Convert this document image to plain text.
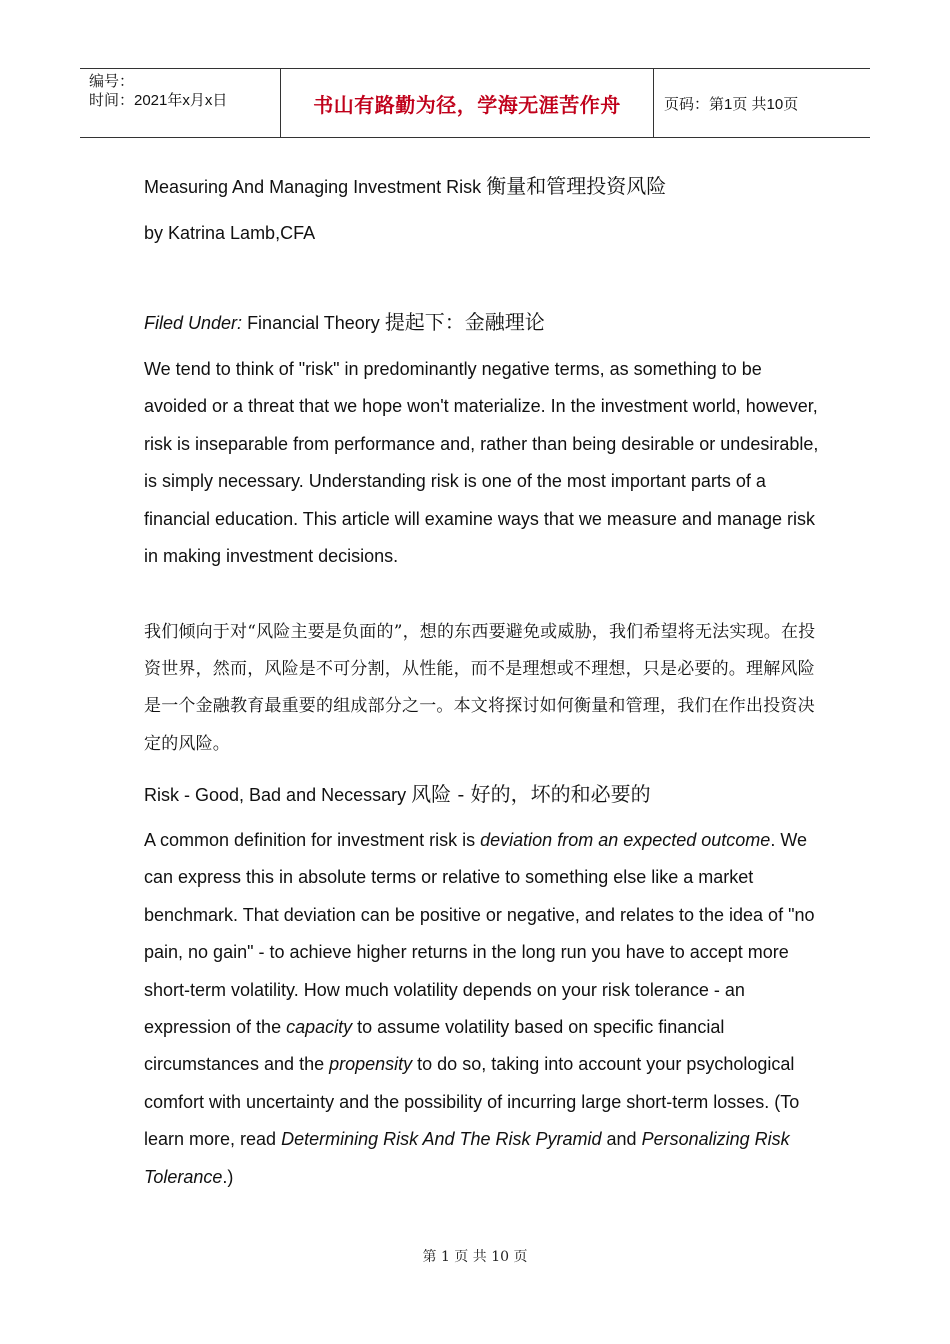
编号：
时间：2021年x月x日	书山有路勤为径，学海无涯苦作舟	页码：第1页 共10页
Measuring And Managing Investment Risk 衡量和管理投资风险
by Katrina Lamb,CFA
Filed Under: Financial Theory 提起下：金融理论

We tend to think of "risk" in predominantly negative terms, as something to be avoided or a threat that we hope won't materialize. In the investment world, however, risk is inseparable from performance and, rather than being desirable or undesirable, is simply necessary. Understanding risk is one of the most important parts of a financial education. This article will examine ways that we measure and manage risk in making investment decisions.

我们倾向于对“风险主要是负面的”，想的东西要避免或威胁，我们希望将无法实现。在投资世界，然而，风险是不可分割，从性能，而不是理想或不理想，只是必要的。理解风险是一个金融教育最重要的组成部分之一。本文将探讨如何衡量和管理，我们在作出投资决定的风险。

Risk - Good, Bad and Necessary 风险 - 好的，坏的和必要的

A common definition for investment risk is deviation from an expected outcome. We can express this in absolute terms or relative to something else like a market benchmark. That deviation can be positive or negative, and relates to the idea of "no pain, no gain" - to achieve higher returns in the long run you have to accept more short-term volatility. How much volatility depends on your risk tolerance - an expression of the capacity to assume volatility based on specific financial circumstances and the propensity to do so, taking into account your psychological comfort with uncertainty and the possibility of incurring large short-term losses. (To learn more, read Determining Risk And The Risk Pyramid and Personalizing Risk Tolerance.)

第 1 页 共 10 页
